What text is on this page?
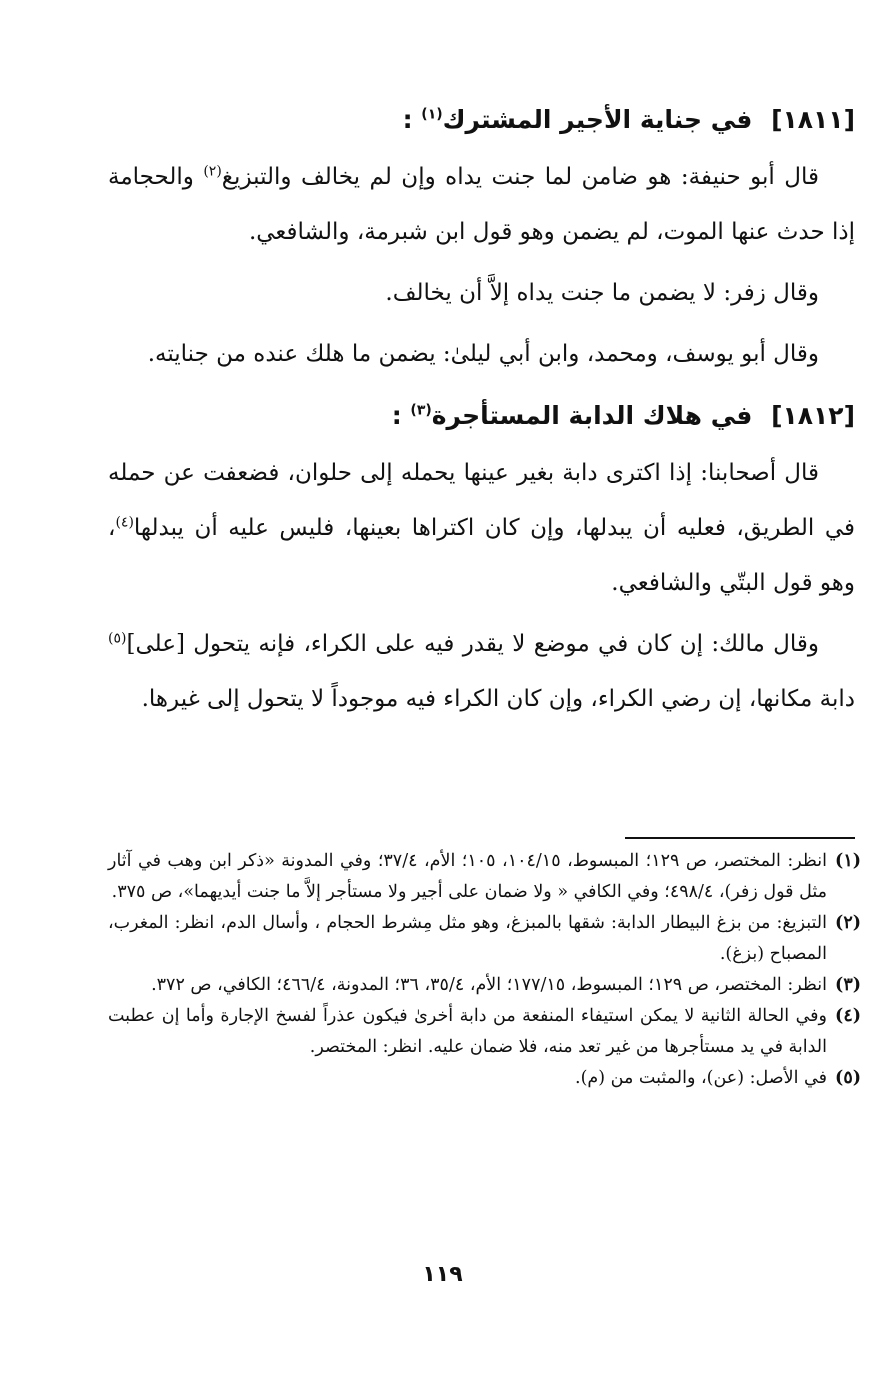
[١٨١١] في جناية الأجير المشترك$^{(١)}$ :

قال أبو حنيفة: هو ضامن لما جنت يداه وإن لم يخالف والتبزيغ$^{(٢)}$ والحجامة إذا حدث عنها الموت، لم يضمن وهو قول ابن شبرمة، والشافعي.

وقال زفر: لا يضمن ما جنت يداه إلاَّ أن يخالف.

وقال أبو يوسف، ومحمد، وابن أبي ليلىٰ: يضمن ما هلك عنده من جنايته.

[١٨١٢] في هلاك الدابة المستأجرة$^{(٣)}$ :

قال أصحابنا: إذا اكترى دابة بغير عينها يحمله إلى حلوان، فضعفت عن حمله في الطريق، فعليه أن يبدلها، وإن كان اكتراها بعينها، فليس عليه أن يبدلها$^{(٤)}$، وهو قول البتّي والشافعي.

وقال مالك: إن كان في موضع لا يقدر فيه على الكراء، فإنه يتحول [على]$^{(٥)}$ دابة مكانها، إن رضي الكراء، وإن كان الكراء فيه موجوداً لا يتحول إلى غيرها.

(١)
انظر: المختصر، ص ١٢٩؛ المبسوط، ١٠٤/١٥، ١٠٥؛ الأم، ٣٧/٤؛ وفي المدونة «ذكر ابن وهب في آثار مثل قول زفر)، ٤٩٨/٤؛ وفي الكافي « ولا ضمان على أجير ولا مستأجر إلاَّ ما جنت أيديهما»، ص ٣٧٥.
(٢)
التبزيغ: من بزغ البيطار الدابة: شقها بالمبزغ، وهو مثل مِشرط الحجام ، وأسال الدم، انظر: المغرب، المصباح (بزغ).
(٣)
انظر: المختصر، ص ١٢٩؛ المبسوط، ١٧٧/١٥؛ الأم، ٣٥/٤، ٣٦؛ المدونة، ٤٦٦/٤؛ الكافي، ص ٣٧٢.
(٤)
وفي الحالة الثانية لا يمكن استيفاء المنفعة من دابة أخرىٰ فيكون عذراً لفسخ الإجارة وأما إن عطبت الدابة في يد مستأجرها من غير تعد منه، فلا ضمان عليه. انظر: المختصر.
(٥)
في الأصل: (عن)، والمثبت من (م).
١١٩
